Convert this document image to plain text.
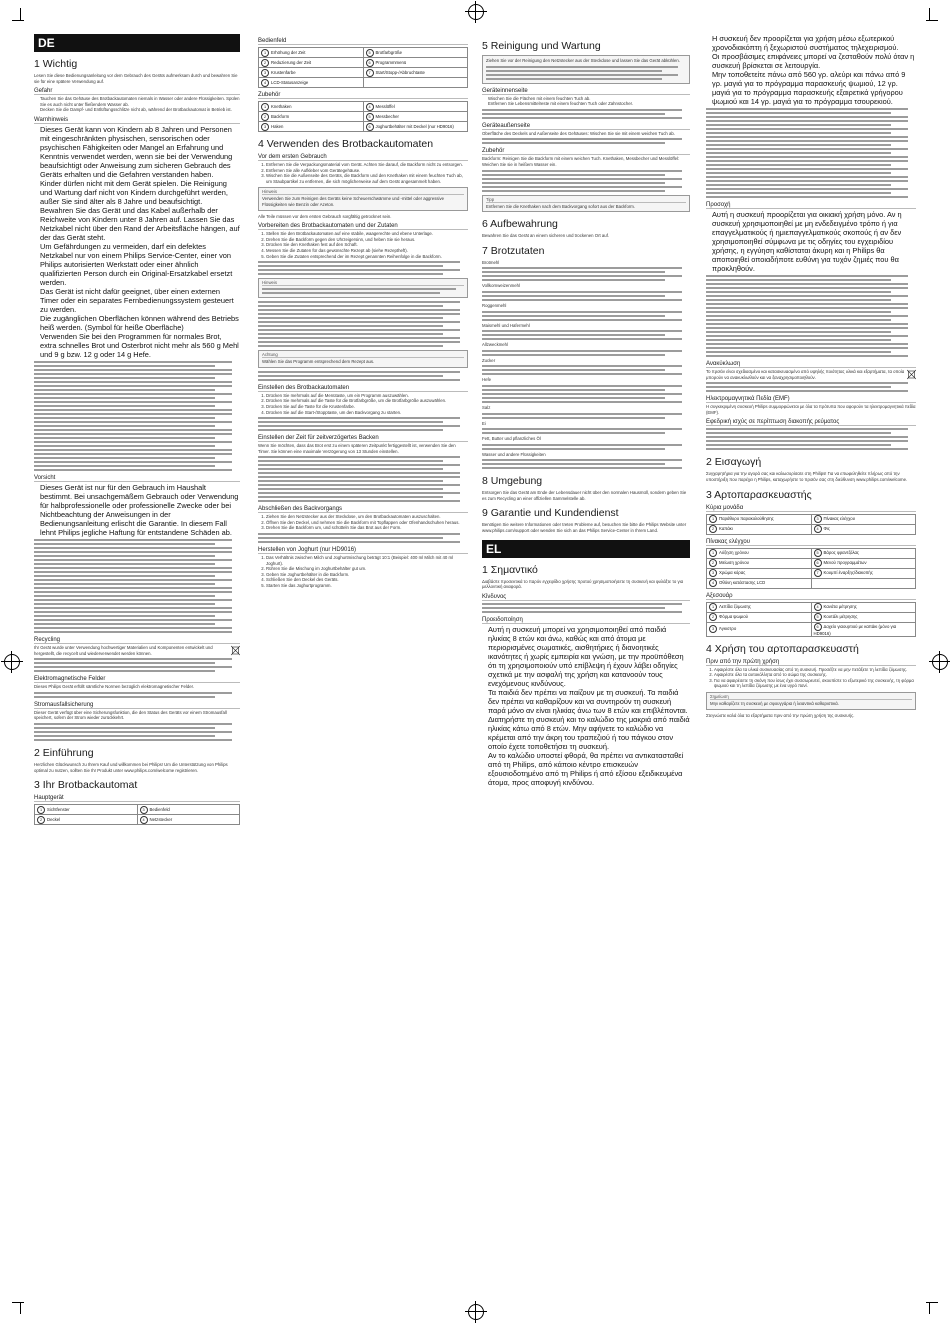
DE
1 Wichtig

Lesen Sie diese Bedienungsanleitung vor dem Gebrauch des Geräts aufmerksam durch und bewahren Sie sie für eine spätere Verwendung auf.

Gefahr
• Tauchen Sie das Gehäuse des Brotbackautomaten niemals in Wasser oder andere Flüssigkeiten. Spülen Sie es auch nicht unter fließendem Wasser ab.
• Decken Sie die Dampf- und Entlüftungsschlitze nicht ab, während der Brotbackautomat in Betrieb ist.
Warnhinweis
• Dieses Gerät kann von Kindern ab 8 Jahren und Personen mit eingeschränkten physischen, sensorischen oder psychischen Fähigkeiten oder Mangel an Erfahrung und Kenntnis verwendet werden, wenn sie bei der Verwendung beaufsichtigt oder Anweisung zum sicheren Gebrauch des Geräts erhalten und die Gefahren verstanden haben.
• Kinder dürfen nicht mit dem Gerät spielen. Die Reinigung und Wartung darf nicht von Kindern durchgeführt werden, außer Sie sind älter als 8 Jahre und beaufsichtigt.
• Bewahren Sie das Gerät und das Kabel außerhalb der Reichweite von Kindern unter 8 Jahren auf. Lassen Sie das Netzkabel nicht über den Rand der Arbeitsfläche hängen, auf der das Gerät steht.
• Um Gefährdungen zu vermeiden, darf ein defektes Netzkabel nur von einem Philips Service-Center, einer von Philips autorisierten Werkstatt oder einer ähnlich qualifizierten Person durch ein Original-Ersatzkabel ersetzt werden.
• Das Gerät ist nicht dafür geeignet, über einen externen Timer oder ein separates Fernbedienungssystem gesteuert zu werden.
• Die zugänglichen Oberflächen können während des Betriebs heiß werden. (Symbol für heiße Oberfläche)
• Verwenden Sie bei den Programmen für normales Brot, extra schnelles Brot und Osterbrot nicht mehr als 560 g Mehl und 9 g bzw. 12 g oder 14 g Hefe.
Vorsicht
• Dieses Gerät ist nur für den Gebrauch im Haushalt bestimmt. Bei unsachgemäßem Gebrauch oder Verwendung für halbprofessionelle oder professionelle Zwecke oder bei Nichtbeachtung der Anweisungen in der Bedienungsanleitung erlischt die Garantie. In diesem Fall lehnt Philips jegliche Haftung für entstandene Schäden ab.
Recycling

Ihr Gerät wurde unter Verwendung hochwertiger Materialien und Komponenten entwickelt und hergestellt, die recycelt und wiederverwendet werden können.

Elektromagnetische Felder

Dieses Philips Gerät erfüllt sämtliche Normen bezüglich elektromagnetischer Felder.

Stromausfallsicherung

Dieser Gerät verfügt über eine Sicherungsfunktion, die den Status des Geräts vor einem Stromausfall speichert, sofern der Strom wieder zurückkehrt.

2 Einführung

Herzlichen Glückwunsch zu Ihrem Kauf und willkommen bei Philips! Um die Unterstützung von Philips optimal zu nutzen, sollten Sie Ihr Produkt unter www.philips.com/welcome registrieren.

3 Ihr Brotbackautomat
Hauptgerät
1 Sichtfenster	3 Bedienfeld
2 Deckel	4 Netzstecker
Bedienfeld
1 Erhöhung der Zeit	5 Brotfarbgröße
2 Reduzierung der Zeit	6 Programmmenü
3 Krustenfarbe	7 Start/Stopp-/Abbruchtaste
4 LCD-Statusanzeige	
Zubehör
1 Knethaken	4 Messlöffel
2 Backform	5 Messbecher
3 Haken	6 Joghurtbehälter mit Deckel (nur HD9016)
4 Verwenden des Brotbackautomaten
Vor dem ersten Gebrauch
1. Entfernen Sie die Verpackungsmaterial vom Gerät. Achten Sie darauf, die Backform nicht zu entsorgen.
2. Entfernen Sie alle Aufkleber vom Gerätegehäuse.
3. Wischen Sie die Außenseite des Geräts, die Backform und den Knethaken mit einem feuchten Tuch ab, um Staubpartikel zu entfernen, die sich möglicherweise auf dem Gerät angesammelt haben.
Hinweis
Verwenden Sie zum Reinigen des Geräts keine Scheuerschwämme und -mittel oder aggressive Flüssigkeiten wie Benzin oder Azeton.

Alle Teile müssen vor dem ersten Gebrauch sorgfältig getrocknet sein.

Vorbereiten des Brotbackautomaten und der Zutaten
1. Stellen Sie den Brotbackautomaten auf eine stabile, waagerechte und ebene Unterlage.
2. Drehen Sie die Backform gegen den Uhrzeigersinn, und heben Sie sie heraus.
3. Drücken Sie den Knethaken fest auf den Schaft.
4. Messen Sie die Zutaten für das gewünschte Rezept ab (siehe Rezeptheft).
5. Geben Sie die Zutaten entsprechend der im Rezept genannten Reihenfolge in die Backform.
Hinweis
Achtung
Wählen Sie das Programm entsprechend dem Rezept aus.
Einstellen des Brotbackautomaten
1. Drücken Sie mehrmals auf die Menütaste, um ein Programm auszuwählen.
2. Drücken Sie mehrmals auf die Taste für die Brotfarbgröße, um die Brotfarbgröße auszuwählen.
3. Drücken Sie auf die Taste für die Krustenfarbe.
4. Drücken Sie auf die Start-/Stopptaste, um den Backvorgang zu starten.
Einstellen der Zeit für zeitverzögertes Backen

Wenn Sie möchten, dass das Brot erst zu einem späteren Zeitpunkt fertiggestellt ist, verwenden Sie den Timer. Sie können eine maximale Verzögerung von 13 Stunden einstellen.

Abschließen des Backvorgangs
1. Ziehen Sie den Netzstecker aus der Steckdose, um den Brotbackautomaten auszuschalten.
2. Öffnen Sie den Deckel, und nehmen Sie die Backform mit Topflappen oder Ofenhandschuhen heraus.
3. Drehen Sie die Backform um, und schütteln Sie das Brot aus der Form.
Herstellen von Joghurt (nur HD9016)
1. Das Verhältnis zwischen Milch und Joghurtmischung beträgt 10:1 (Beispiel: 400 ml Milch mit 40 ml Joghurt).
2. Rühren Sie die Mischung im Joghurtbehälter gut um.
3. Geben Sie Joghurtbehälter in die Backform.
4. Schließen Sie den Deckel des Geräts.
5. Starten Sie das Joghurtprogramm.
5 Reinigung und Wartung
Ziehen Sie vor der Reinigung den Netzstecker aus der Steckdose und lassen Sie das Gerät abkühlen.
Geräteinnenseite
• Wischen Sie die Flächen mit einem feuchten Tuch ab.
• Entfernen Sie Lebensmittelreste mit einem feuchten Tuch oder Zahnstocher.
Geräteaußenseite

Oberfläche des Deckels und Außenseite des Gehäuses: Wischen Sie sie mit einem weichen Tuch ab.

Zubehör

Backform: Reinigen Sie die Backform mit einem weichen Tuch. Knethaken, Messbecher und Messlöffel: Weichen Sie sie in heißem Wasser ein.

Tipp
Entfernen Sie die Knethaken nach dem Backvorgang sofort aus der Backform.
6 Aufbewahrung

Bewahren Sie das Gerät an einem sicheren und trockenen Ort auf.

7 Brotzutaten
Brotmehl
Vollkornweizenmehl
Roggenmehl
Maismehl und Hafermehl
Allzweckmehl
Zucker
Hefe
Salz
Ei
Fett, Butter und pflanzliches Öl
Wasser und andere Flüssigkeiten
8 Umgebung

Entsorgen Sie das Gerät am Ende der Lebensdauer nicht über den normalen Hausmüll, sondern geben Sie es zum Recycling an einer offiziellen Sammelstelle ab.

9 Garantie und Kundendienst

Benötigen Sie weitere Informationen oder treten Probleme auf, besuchen Sie bitte die Philips Website unter www.philips.com/support oder wenden Sie sich an das Philips Service-Center in Ihrem Land.

EL
1 Σημαντικό

Διαβάστε προσεκτικά το παρόν εγχειρίδιο χρήσης προτού χρησιμοποιήσετε τη συσκευή και φυλάξτε το για μελλοντική αναφορά.

Κίνδυνος
Προειδοποίηση
• Αυτή η συσκευή μπορεί να χρησιμοποιηθεί από παιδιά ηλικίας 8 ετών και άνω, καθώς και από άτομα με περιορισμένες σωματικές, αισθητήριες ή διανοητικές ικανότητες ή χωρίς εμπειρία και γνώση, με την προϋπόθεση ότι τη χρησιμοποιούν υπό επίβλεψη ή έχουν λάβει οδηγίες σχετικά με την ασφαλή της χρήση και κατανοούν τους ενεχόμενους κινδύνους.
• Τα παιδιά δεν πρέπει να παίζουν με τη συσκευή. Τα παιδιά δεν πρέπει να καθαρίζουν και να συντηρούν τη συσκευή παρά μόνο αν είναι ηλικίας άνω των 8 ετών και επιβλέπονται.
• Διατηρήστε τη συσκευή και το καλώδιο της μακριά από παιδιά ηλικίας κάτω από 8 ετών. Μην αφήνετε το καλώδιο να κρέμεται από την άκρη του τραπεζιού ή του πάγκου στον οποίο έχετε τοποθετήσει τη συσκευή.
• Αν το καλώδιο υποστεί φθορά, θα πρέπει να αντικατασταθεί από τη Philips, από κάποιο κέντρο επισκευών εξουσιοδοτημένο από τη Philips ή από εξίσου εξειδικευμένα άτομα, προς αποφυγή κινδύνου.
• Η συσκευή δεν προορίζεται για χρήση μέσω εξωτερικού χρονοδιακόπτη ή ξεχωριστού συστήματος τηλεχειρισμού.
• Οι προσβάσιμες επιφάνειες μπορεί να ζεσταθούν πολύ όταν η συσκευή βρίσκεται σε λειτουργία.
• Μην τοποθετείτε πάνω από 560 γρ. αλεύρι και πάνω από 9 γρ. μαγιά για το πρόγραμμα παρασκευής ψωμιού, 12 γρ. μαγιά για το πρόγραμμα παρασκευής εξαιρετικά γρήγορου ψωμιού και 14 γρ. μαγιά για το πρόγραμμα τσουρεκιού.
Προσοχή
• Αυτή η συσκευή προορίζεται για οικιακή χρήση μόνο. Αν η συσκευή χρησιμοποιηθεί με μη ενδεδειγμένο τρόπο ή για επαγγελματικούς ή ημιεπαγγελματικούς σκοπούς ή αν δεν χρησιμοποιηθεί σύμφωνα με τις οδηγίες του εγχειριδίου χρήσης, η εγγύηση καθίσταται άκυρη και η Philips θα αποποιηθεί οποιαδήποτε ευθύνη για τυχόν ζημιές που θα προκληθούν.
Ανακύκλωση

Το προϊόν είναι σχεδιασμένο και κατασκευασμένο από υψηλής ποιότητας υλικά και εξαρτήματα, τα οποία μπορούν να ανακυκλωθούν και να ξαναχρησιμοποιηθούν.

Ηλεκτρομαγνητικά Πεδία (EMF)

Η συγκεκριμένη συσκευή Philips συμμορφώνεται με όλα τα πρότυπα που αφορούν τα ηλεκτρομαγνητικά πεδία (EMF).

Εφεδρική ισχύς σε περίπτωση διακοπής ρεύματος
2 Εισαγωγή

Συγχαρητήρια για την αγορά σας και καλωσορίσατε στη Philips! Για να επωφεληθείτε πλήρως από την υποστήριξη που παρέχει η Philips, καταχωρήστε το προϊόν σας στη διεύθυνση www.philips.com/welcome.

3 Αρτοπαρασκευαστής
Κύρια μονάδα
1 Παράθυρο παρακολούθησης	3 Πίνακας ελέγχου
2 Καπάκι	4 Φις
Πίνακας ελέγχου
1 Αύξηση χρόνου	5 Βάρος φραντζόλας
2 Μείωση χρόνου	6 Μενού προγραμμάτων
3 Χρώμα κόρας	7 Κουμπί έναρξης/διακοπής
4 Οθόνη κατάστασης LCD	
Αξεσουάρ
1 Λεπίδα ζύμωσης	4 Κανάτα μέτρησης
2 Φόρμα ψωμιού	5 Κουτάλι μέτρησης
3 Άγκιστρο	6 Δοχείο γιαουρτιού με καπάκι (μόνο για HD9016)
4 Χρήση του αρτοπαρασκευαστή
Πριν από την πρώτη χρήση
1. Αφαιρέστε όλα τα υλικά συσκευασίας από τη συσκευή. Προσέξτε να μην πετάξετε τη λεπίδα ζύμωσης.
2. Αφαιρέστε όλα τα αυτοκόλλητα από το σώμα της συσκευής.
3. Για να αφαιρέσετε τη σκόνη που ίσως έχει συσσωρευτεί, σκουπίστε το εξωτερικό της συσκευής, τη φόρμα ψωμιού και τη λεπίδα ζύμωσης με ένα υγρό πανί.
Σημείωση
Μην καθαρίζετε τη συσκευή με σφουγγάρια ή λειαντικά καθαριστικά.

Στεγνώστε καλά όλα τα εξαρτήματα πριν από την πρώτη χρήση της συσκευής.
